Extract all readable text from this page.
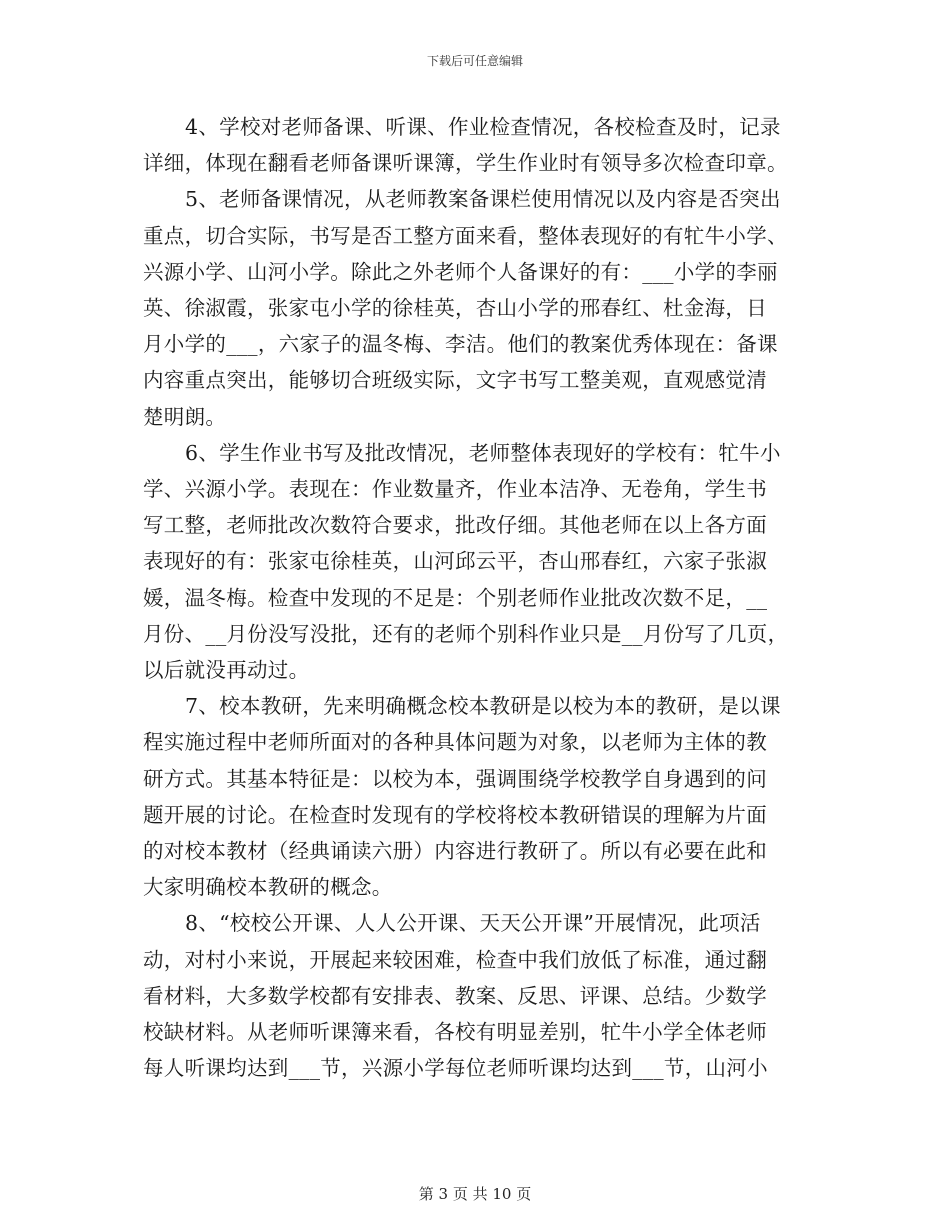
下载后可任意编辑

4、学校对老师备课、听课、作业检查情况，各校检查及时，记录
详细，体现在翻看老师备课听课簿，学生作业时有领导多次检查印章。

5、老师备课情况，从老师教案备课栏使用情况以及内容是否突出
重点，切合实际，书写是否工整方面来看，整体表现好的有牤牛小学、
兴源小学、山河小学。除此之外老师个人备课好的有：___小学的李丽
英、徐淑霞，张家屯小学的徐桂英，杏山小学的邢春红、杜金海，日
月小学的___，六家子的温冬梅、李洁。他们的教案优秀体现在：备课
内容重点突出，能够切合班级实际，文字书写工整美观，直观感觉清
楚明朗。

6、学生作业书写及批改情况，老师整体表现好的学校有：牤牛小
学、兴源小学。表现在：作业数量齐，作业本洁净、无卷角，学生书
写工整，老师批改次数符合要求，批改仔细。其他老师在以上各方面
表现好的有：张家屯徐桂英，山河邱云平，杏山邢春红，六家子张淑
媛，温冬梅。检查中发现的不足是：个别老师作业批改次数不足，__
月份、__月份没写没批，还有的老师个别科作业只是__月份写了几页，
以后就没再动过。

7、校本教研，先来明确概念校本教研是以校为本的教研，是以课
程实施过程中老师所面对的各种具体问题为对象，以老师为主体的教
研方式。其基本特征是：以校为本，强调围绕学校教学自身遇到的问
题开展的讨论。在检查时发现有的学校将校本教研错误的理解为片面
的对校本教材（经典诵读六册）内容进行教研了。所以有必要在此和
大家明确校本教研的概念。

8、“校校公开课、人人公开课、天天公开课”开展情况，此项活
动，对村小来说，开展起来较困难，检查中我们放低了标准，通过翻
看材料，大多数学校都有安排表、教案、反思、评课、总结。少数学
校缺材料。从老师听课簿来看，各校有明显差别，牤牛小学全体老师
每人听课均达到___节，兴源小学每位老师听课均达到___节，山河小

第 3 页 共 10 页
